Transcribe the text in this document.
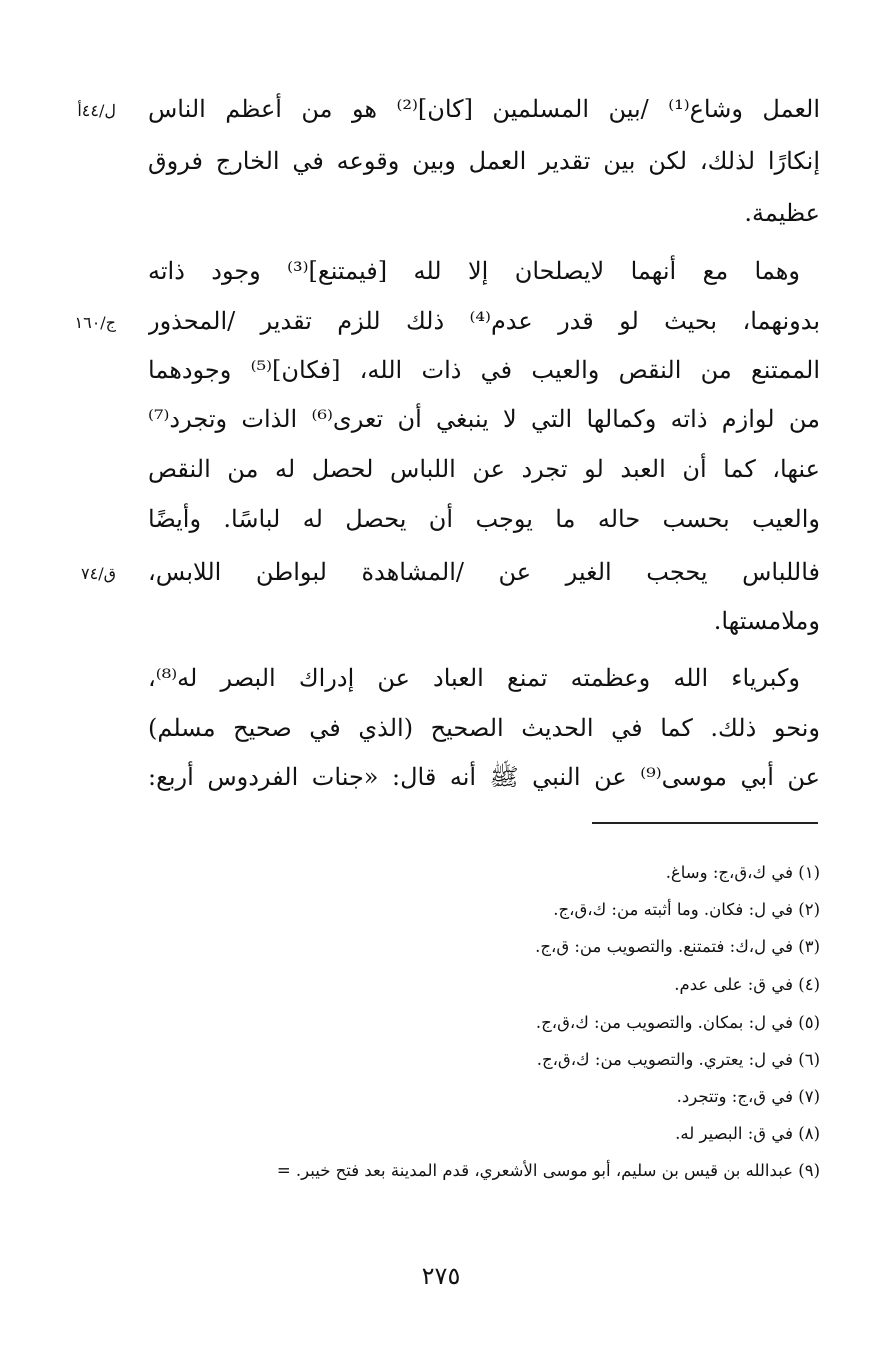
العمل وشاع⁽¹⁾ /بين المسلمين [كان]⁽²⁾ هو من أعظم الناس
إنكارًا لذلك، لكن بين تقدير العمل وبين وقوعه في الخارج فروق
عظيمة.
وهما مع أنهما لايصلحان إلا لله [فيمتنع]⁽³⁾ وجود ذاته
بدونهما، بحيث لو قدر عدم⁽⁴⁾ ذلك للزم تقدير /المحذور
الممتنع من النقص والعيب في ذات الله، [فكان]⁽⁵⁾ وجودهما
من لوازم ذاته وكمالها التي لا ينبغي أن تعرى⁽⁶⁾ الذات وتجرد⁽⁷⁾
عنها، كما أن العبد لو تجرد عن اللباس لحصل له من النقص
والعيب بحسب حاله ما يوجب أن يحصل له لباسًا. وأيضًا
فاللباس يحجب الغير عن /المشاهدة لبواطن اللابس،
وملامستها.
وكبرياء الله وعظمته تمنع العباد عن إدراك البصر له⁽⁸⁾،
ونحو ذلك. كما في الحديث الصحيح (الذي في صحيح مسلم)
عن أبي موسى⁽⁹⁾ عن النبي ﷺ أنه قال: «جنات الفردوس أربع:
ل/٤٤أ
ج/١٦٠
ق/٧٤
(١) في ك،ق،ج: وساغ.
(٢) في ل: فكان. وما أثبته من: ك،ق،ج.
(٣) في ل،ك: فتمتنع. والتصويب من: ق،ج.
(٤) في ق: على عدم.
(٥) في ل: بمكان. والتصويب من: ك،ق،ج.
(٦) في ل: يعتري. والتصويب من: ك،ق،ج.
(٧) في ق،ج: وتتجرد.
(٨) في ق: البصير له.
(٩) عبدالله بن قيس بن سليم، أبو موسى الأشعري، قدم المدينة بعد فتح خيبر. =
٢٧٥
